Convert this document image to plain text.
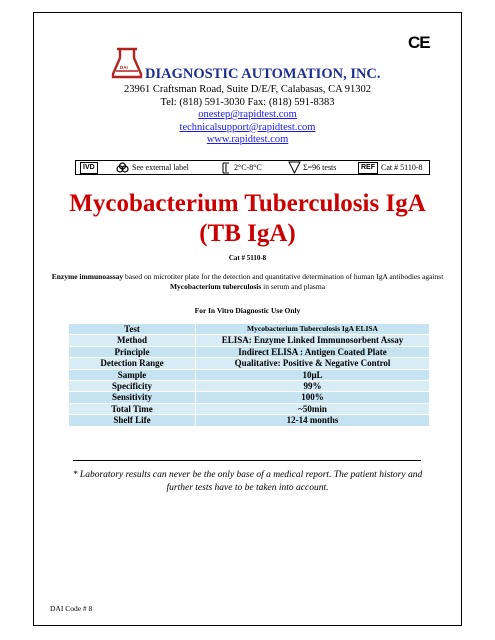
CE
DAI DIAGNOSTIC AUTOMATION, INC.
23961 Craftsman Road, Suite D/E/F, Calabasas, CA 91302
Tel: (818) 591-3030 Fax: (818) 591-8383
onestep@rapidtest.com
technicalsupport@rapidtest.com
www.rapidtest.com
IVD	See external label	2°C-8°C	Σ=96 tests	REF Cat # 5110-8
Mycobacterium Tuberculosis IgA
(TB IgA)
Cat # 5110-8
Enzyme immunoassay based on microtiter plate for the detection and quantitative determination of human IgA antibodies against Mycobacterium tuberculosis in serum and plasma
For In Vitro Diagnostic Use Only
Test	Mycobacterium Tuberculosis IgA ELISA
Method	ELISA: Enzyme Linked Immunosorbent Assay
Principle	Indirect ELISA : Antigen Coated Plate
Detection Range	Qualitative: Positive & Negative Control
Sample	10μL
Specificity	99%
Sensitivity	100%
Total Time	~50min
Shelf Life	12-14 months
* Laboratory results can never be the only base of a medical report. The patient history and further tests have to be taken into account.
DAI Code # 8
